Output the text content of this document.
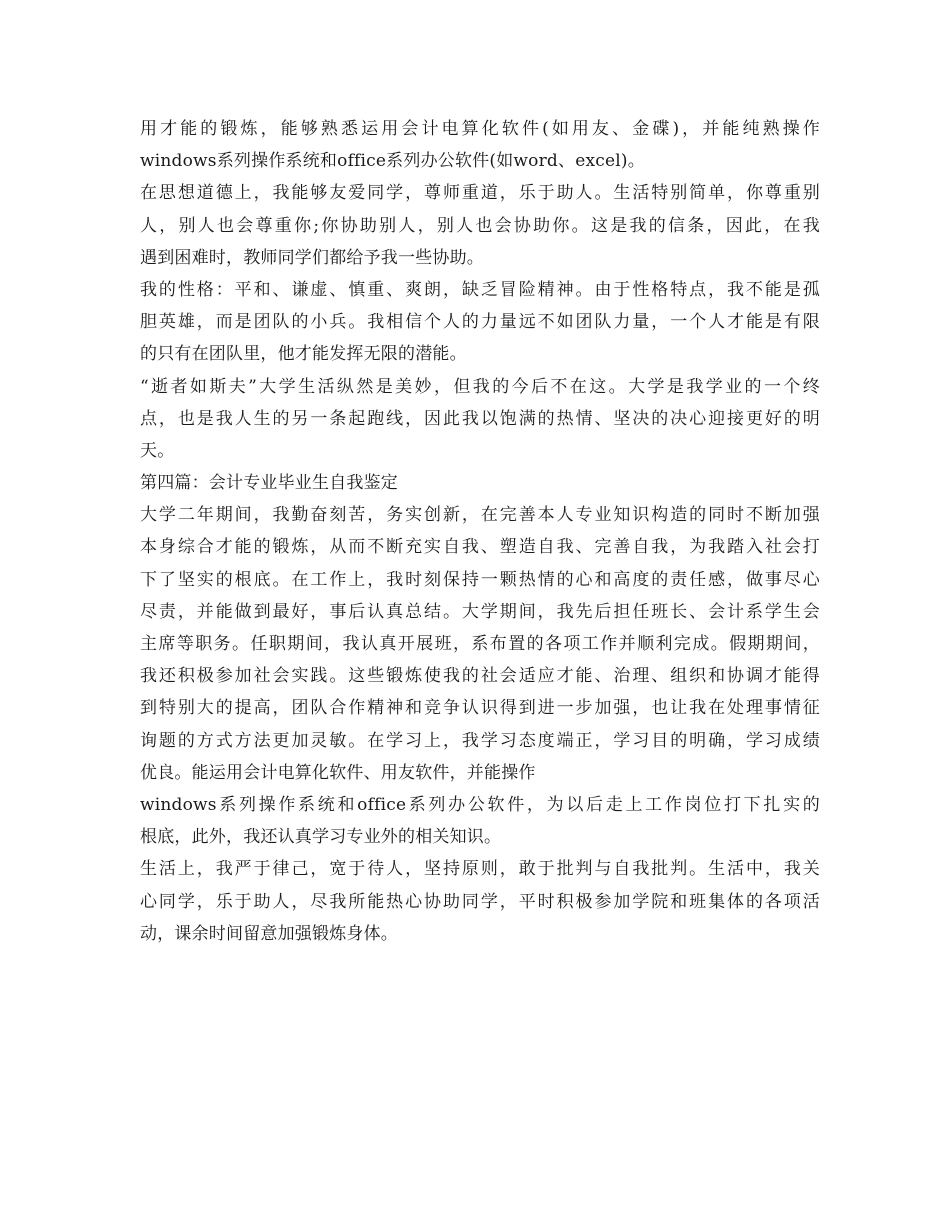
用才能的锻炼，能够熟悉运用会计电算化软件(如用友、金碟)，并能纯熟操作
windows系列操作系统和office系列办公软件(如word、excel)。
在思想道德上，我能够友爱同学，尊师重道，乐于助人。生活特别简单，你尊重别
人，别人也会尊重你;你协助别人，别人也会协助你。这是我的信条，因此，在我
遇到困难时，教师同学们都给予我一些协助。
我的性格：平和、谦虚、慎重、爽朗，缺乏冒险精神。由于性格特点，我不能是孤
胆英雄，而是团队的小兵。我相信个人的力量远不如团队力量，一个人才能是有限
的只有在团队里，他才能发挥无限的潜能。
“逝者如斯夫”大学生活纵然是美妙，但我的今后不在这。大学是我学业的一个终
点，也是我人生的另一条起跑线，因此我以饱满的热情、坚决的决心迎接更好的明
天。
第四篇：会计专业毕业生自我鉴定
大学二年期间，我勤奋刻苦，务实创新，在完善本人专业知识构造的同时不断加强
本身综合才能的锻炼，从而不断充实自我、塑造自我、完善自我，为我踏入社会打
下了坚实的根底。在工作上，我时刻保持一颗热情的心和高度的责任感，做事尽心
尽责，并能做到最好，事后认真总结。大学期间，我先后担任班长、会计系学生会
主席等职务。任职期间，我认真开展班，系布置的各项工作并顺利完成。假期期间，
我还积极参加社会实践。这些锻炼使我的社会适应才能、治理、组织和协调才能得
到特别大的提高，团队合作精神和竞争认识得到进一步加强，也让我在处理事情征
询题的方式方法更加灵敏。在学习上，我学习态度端正，学习目的明确，学习成绩
优良。能运用会计电算化软件、用友软件，并能操作
windows系列操作系统和office系列办公软件，为以后走上工作岗位打下扎实的
根底，此外，我还认真学习专业外的相关知识。
生活上，我严于律己，宽于待人，坚持原则，敢于批判与自我批判。生活中，我关
心同学，乐于助人，尽我所能热心协助同学，平时积极参加学院和班集体的各项活
动，课余时间留意加强锻炼身体。
